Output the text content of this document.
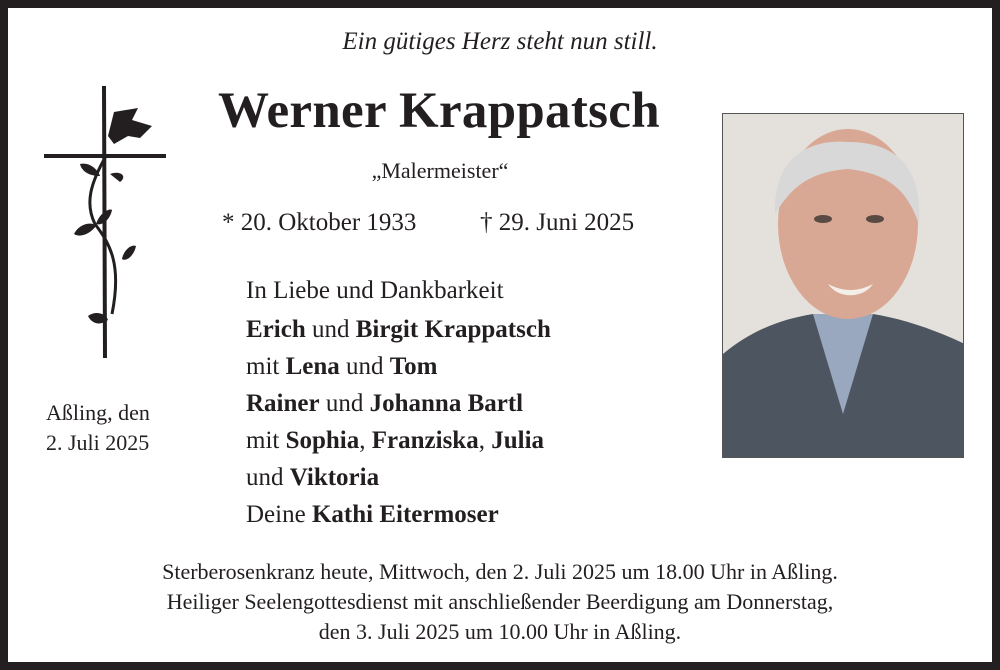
Ein gütiges Herz steht nun still.
Werner Krappatsch
„Malermeister“
* 20. Oktober 1933	† 29. Juni 2025
Aßling, den
2. Juli 2025
In Liebe und Dankbarkeit
Erich und Birgit Krappatsch
mit Lena und Tom
Rainer und Johanna Bartl
mit Sophia, Franziska, Julia
und Viktoria
Deine Kathi Eitermoser
Sterberosenkranz heute, Mittwoch, den 2. Juli 2025 um 18.00 Uhr in Aßling.
Heiliger Seelengottesdienst mit anschließender Beerdigung am Donnerstag,
den 3. Juli 2025 um 10.00 Uhr in Aßling.
